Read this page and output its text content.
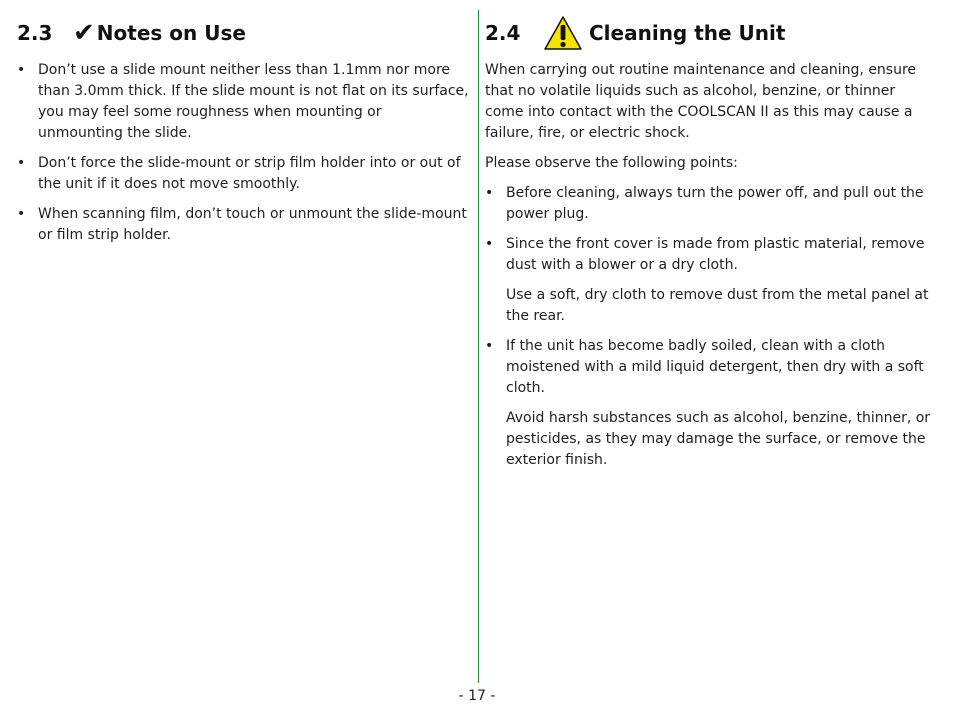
2.3 ✔ Notes on Use
• Don’t use a slide mount neither less than 1.1mm nor more than 3.0mm thick. If the slide mount is not flat on its surface, you may feel some roughness when mounting or unmounting the slide.
• Don’t force the slide-mount or strip film holder into or out of the unit if it does not move smoothly.
• When scanning film, don’t touch or unmount the slide-mount or film strip holder.
2.4	Cleaning the Unit

When carrying out routine maintenance and cleaning, ensure that no volatile liquids such as alcohol, benzine, or thinner come into contact with the COOLSCAN II as this may cause a failure, fire, or electric shock.

Please observe the following points:

• Before cleaning, always turn the power off, and pull out the power plug.
• Since the front cover is made from plastic material, remove dust with a blower or a dry cloth.
Use a soft, dry cloth to remove dust from the metal panel at the rear.
• If the unit has become badly soiled, clean with a cloth moistened with a mild liquid detergent, then dry with a soft cloth.
Avoid harsh substances such as alcohol, benzine, thinner, or pesticides, as they may damage the surface, or remove the exterior finish.
- 17 -
